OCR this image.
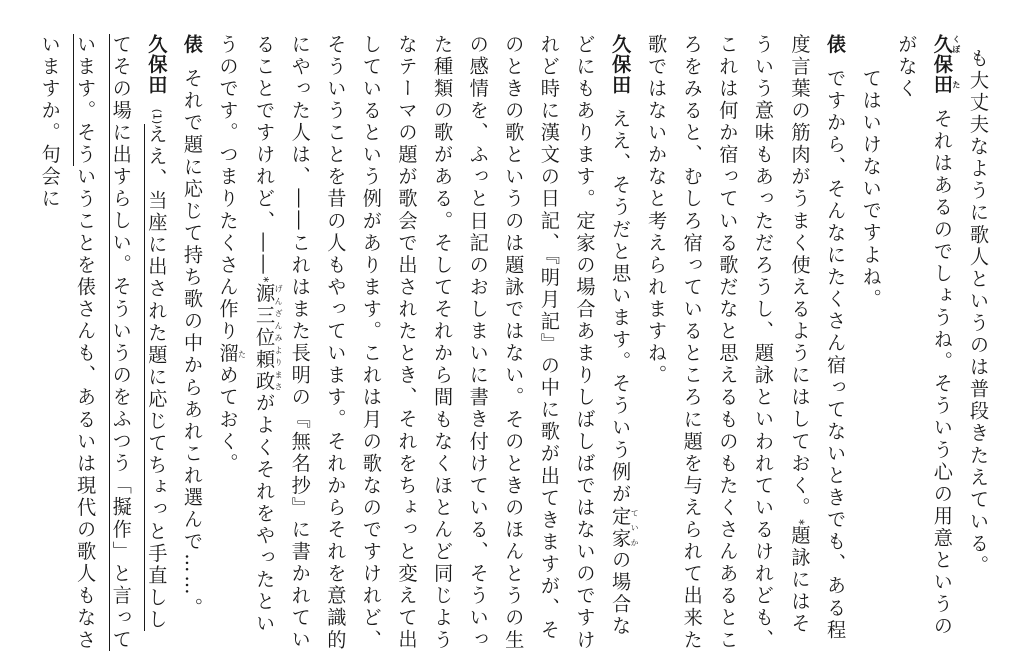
も大丈夫なように歌人というのは普段きたえている。

久くぼ保田たそれはあるのでしょうね。そういう心の用意というのがなく
てはいけないですよね。

俵ですから、そんなにたくさん宿ってないときでも、ある程度言葉の筋肉がうまく使えるようにはしておく。*題詠にはそういう意味もあっただろうし、題詠といわれているけれども、これは何か宿っている歌だなと思えるものもたくさんあるところをみると、むしろ宿っているところに題を与えられて出来た歌ではないかなと考えられますね。

久保田ええ、そうだと思います。そういう例が定家ていかの場合などにもあります。定家の場合あまりしばしばではないのですけれど時に漢文の日記、『明月記』の中に歌が出てきますが、そのときの歌というのは題詠ではない。そのときのほんとうの生の感情を、ふっと日記のおしまいに書き付けている、そういった種類の歌がある。そしてそれから間もなくほとんど同じようなテーマの題が歌会で出されたとき、それをちょっと変えて出しているという例があります。これは月の歌なのですけれど、そういうことを昔の人もやっています。それからそれを意識的にやった人は、――これはまた長明の『無名抄』に書かれていることですけれど、――*源三位頼政げんざんみよりまさがよくそれをやったというのです。つまりたくさん作り溜ためておく。

俵それで題に応じて持ち歌の中からあれこれ選んで……。

久保田(1)ええ、当座に出された題に応じてちょっと手直ししてその場に出すらしい。そういうのをふつう「擬作」と言っています。そういうことを俵さんも、あるいは現代の歌人もなさいますか。句会に
